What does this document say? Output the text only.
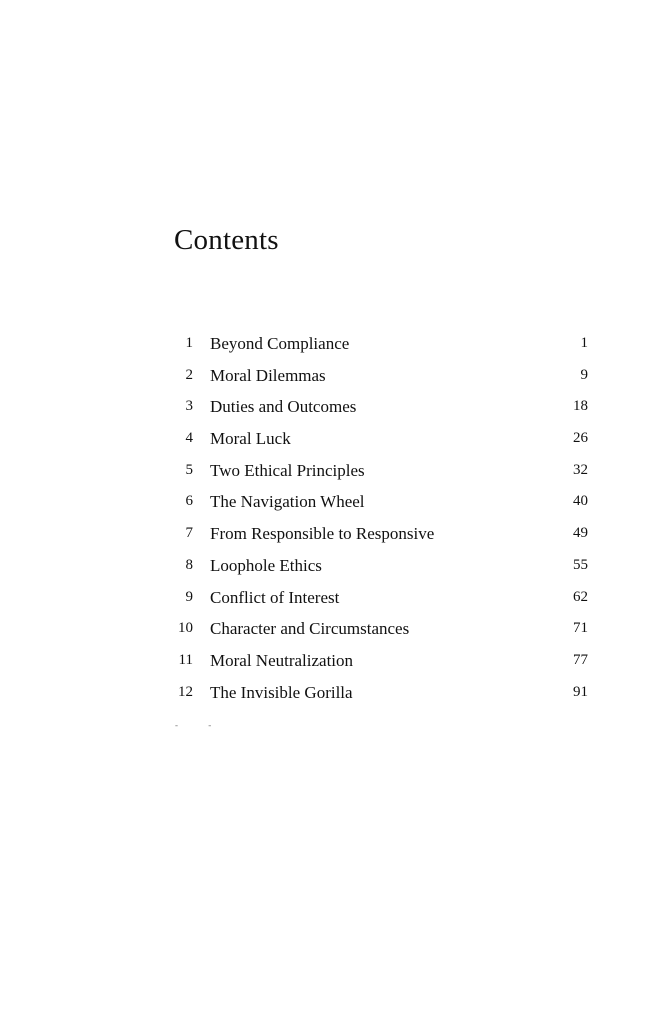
Contents
1 Beyond Compliance	1
2 Moral Dilemmas	9
3 Duties and Outcomes	18
4 Moral Luck	26
5 Two Ethical Principles	32
6 The Navigation Wheel	40
7 From Responsible to Responsive	49
8 Loophole Ethics	55
9 Conflict of Interest	62
10 Character and Circumstances	71
11 Moral Neutralization	77
12 The Invisible Gorilla	91
- -
